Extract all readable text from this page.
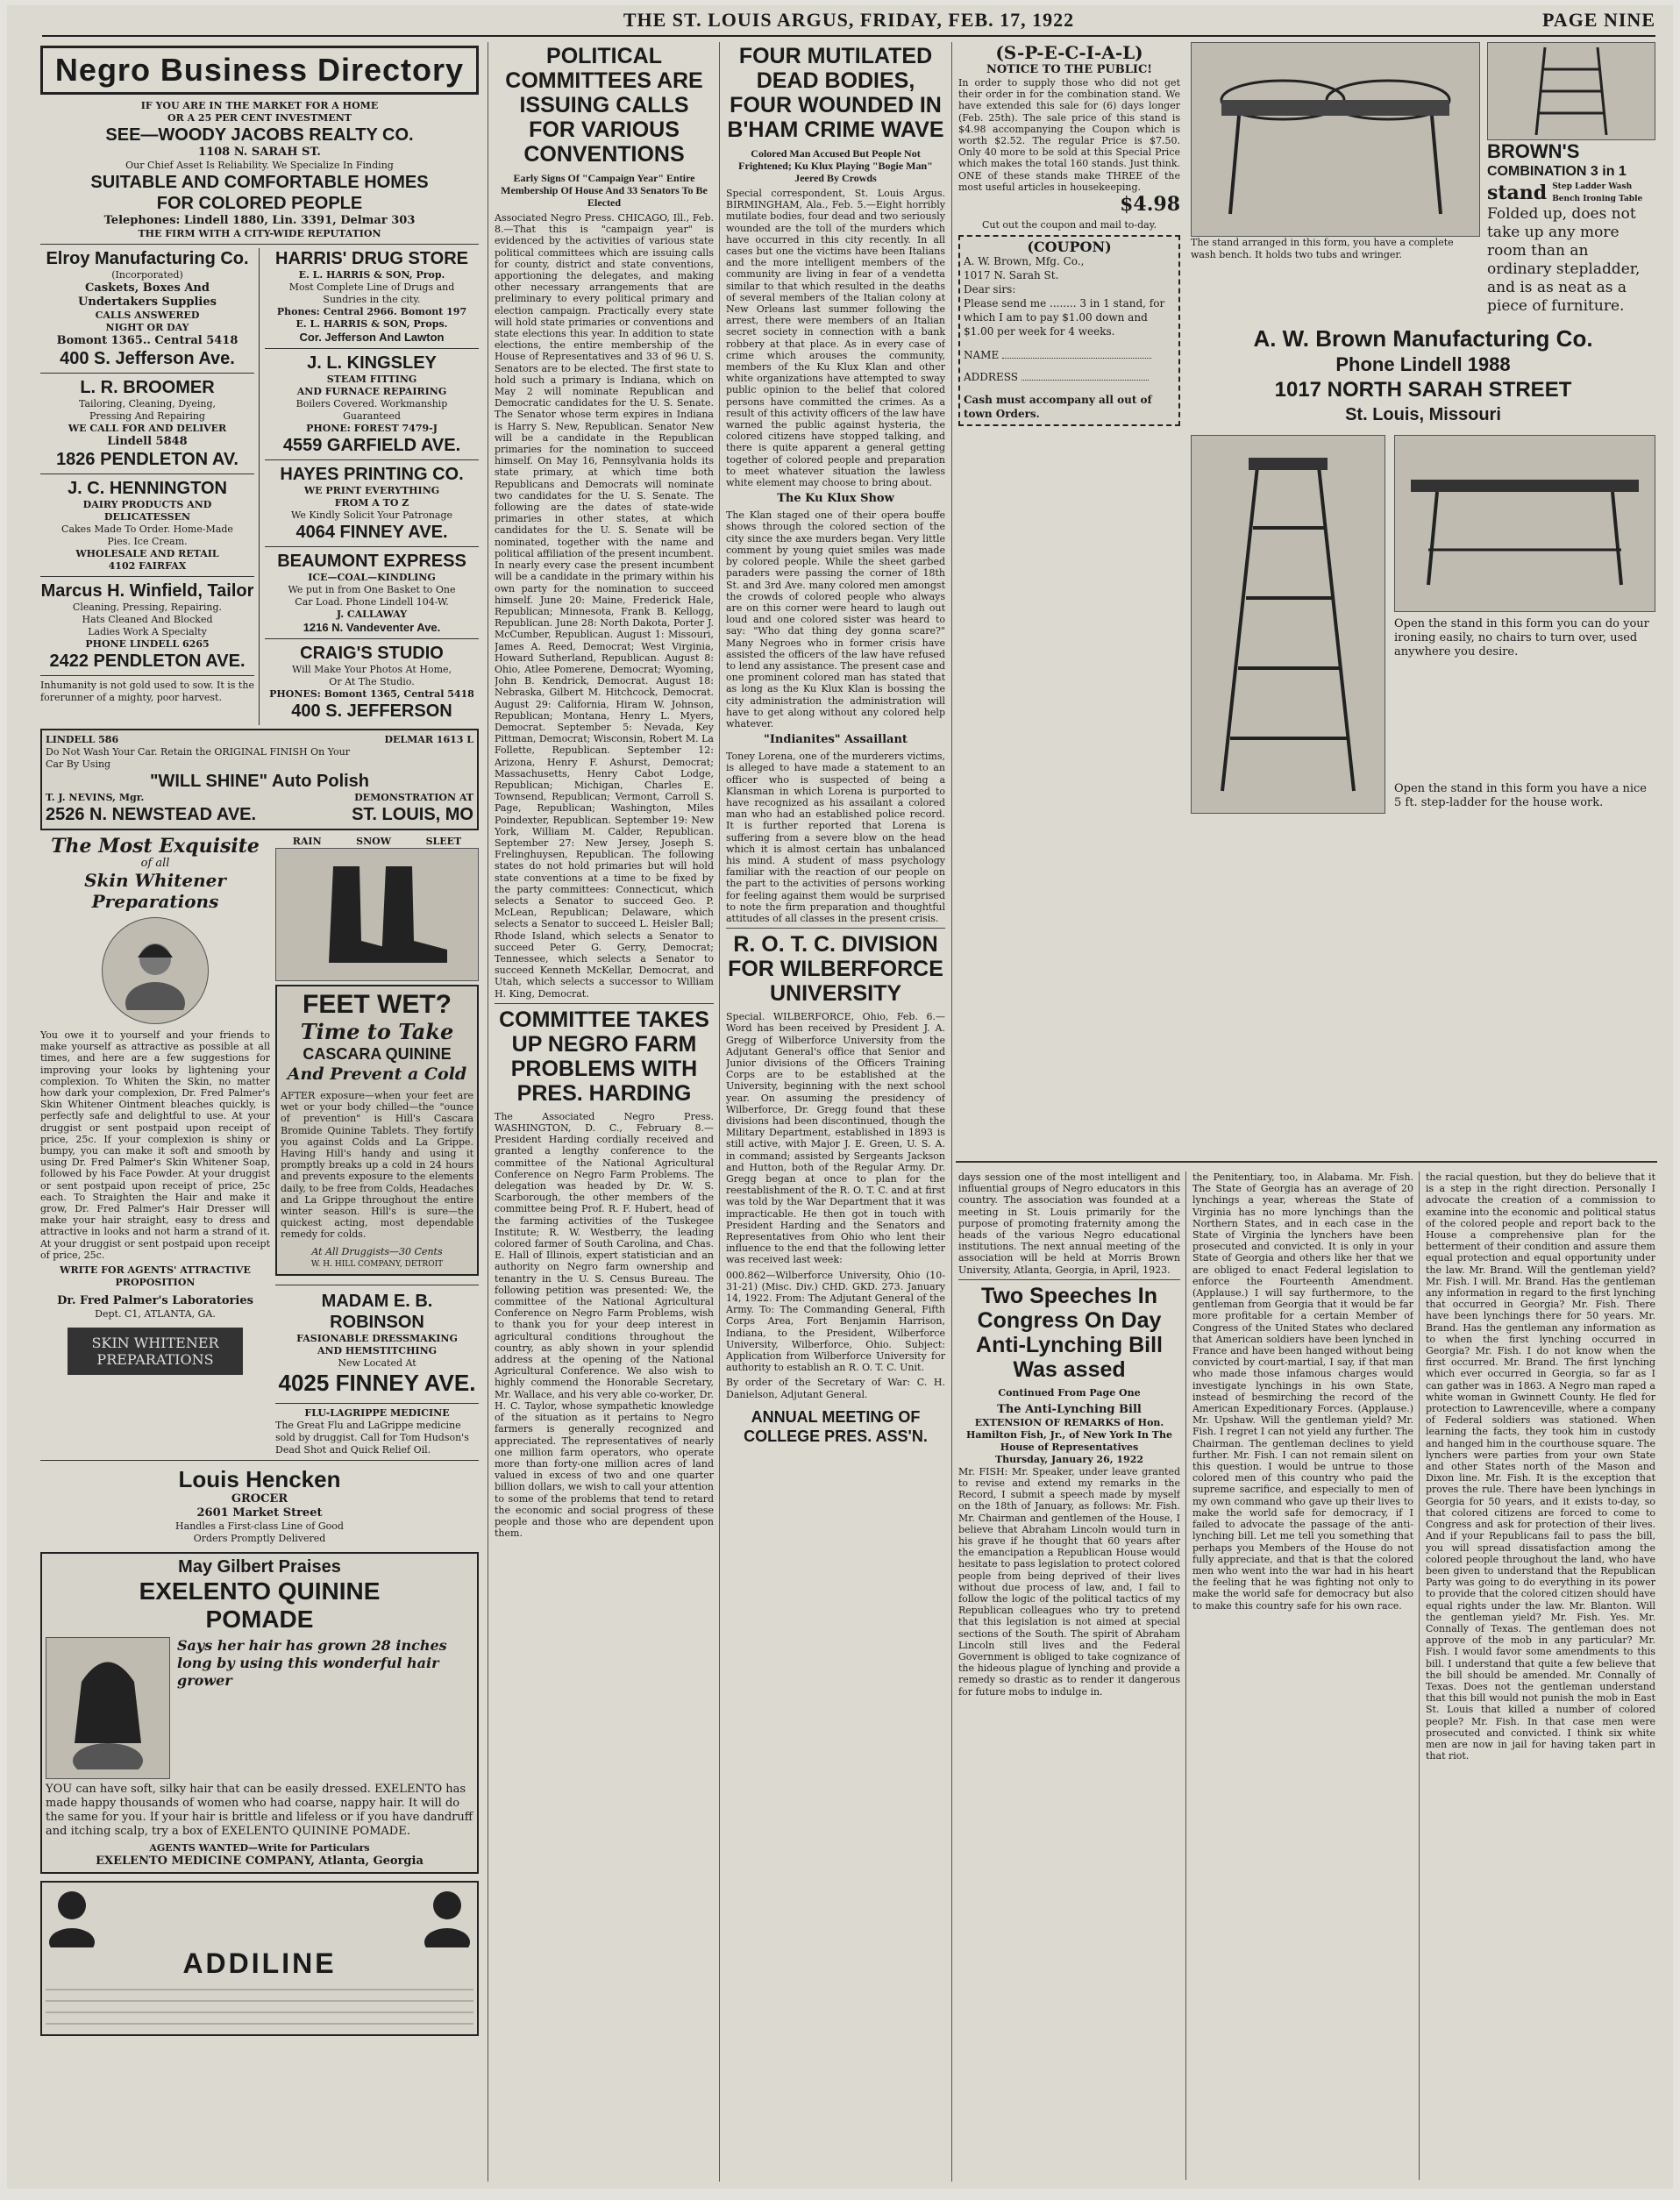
THE ST. LOUIS ARGUS, FRIDAY, FEB. 17, 1922	PAGE NINE
Negro Business Directory
IF YOU ARE IN THE MARKET FOR A HOME
OR A 25 PER CENT INVESTMENT
SEE—WOODY JACOBS REALTY CO.
1108 N. SARAH ST.
Our Chief Asset Is Reliability. We Specialize In Finding
SUITABLE AND COMFORTABLE HOMES
FOR COLORED PEOPLE
Telephones: Lindell 1880, Lin. 3391, Delmar 303
THE FIRM WITH A CITY-WIDE REPUTATION
Elroy Manufacturing Co.
(Incorporated)
Caskets, Boxes And
Undertakers Supplies
CALLS ANSWERED
NIGHT OR DAY
Bomont 1365.. Central 5418
400 S. Jefferson Ave.
L. R. BROOMER
Tailoring, Cleaning, Dyeing,
Pressing And Repairing
WE CALL FOR AND DELIVER
Lindell 5848
1826 PENDLETON AV.
J. C. HENNINGTON
DAIRY PRODUCTS AND
DELICATESSEN
Cakes Made To Order. Home-Made
Pies. Ice Cream.
WHOLESALE AND RETAIL
4102 FAIRFAX
Marcus H. Winfield, Tailor
Cleaning, Pressing, Repairing.
Hats Cleaned And Blocked
Ladies Work A Specialty
PHONE LINDELL 6265
2422 PENDLETON AVE.
Inhumanity is not gold used to sow. It is the forerunner of a mighty, poor harvest.
HARRIS' DRUG STORE
E. L. HARRIS & SON, Prop.
Most Complete Line of Drugs and
Sundries in the city.
Phones: Central 2966. Bomont 197
E. L. HARRIS & SON, Props.
Cor. Jefferson And Lawton
J. L. KINGSLEY
STEAM FITTING
AND FURNACE REPAIRING
Boilers Covered. Workmanship
Guaranteed
PHONE: FOREST 7479-J
4559 GARFIELD AVE.
HAYES PRINTING CO.
WE PRINT EVERYTHING
FROM A TO Z
We Kindly Solicit Your Patronage
4064 FINNEY AVE.
BEAUMONT EXPRESS
ICE—COAL—KINDLING
We put in from One Basket to One
Car Load. Phone Lindell 104-W.
J. CALLAWAY
1216 N. Vandeventer Ave.
CRAIG'S STUDIO
Will Make Your Photos At Home,
Or At The Studio.
PHONES: Bomont 1365, Central 5418
400 S. JEFFERSON
LINDELL 586	DELMAR 1613 L
Do Not Wash Your Car. Retain the ORIGINAL FINISH On Your
Car By Using
"WILL SHINE" Auto Polish
T. J. NEVINS, Mgr.	DEMONSTRATION AT
2526 N. NEWSTEAD AVE.	ST. LOUIS, MO
The Most Exquisite
of all
Skin Whitener Preparations
You owe it to yourself and your friends to make yourself as attractive as possible at all times, and here are a few suggestions for improving your looks by lightening your complexion. To Whiten the Skin, no matter how dark your complexion, Dr. Fred Palmer's Skin Whitener Ointment bleaches quickly, is perfectly safe and delightful to use. At your druggist or sent postpaid upon receipt of price, 25c. If your complexion is shiny or bumpy, you can make it soft and smooth by using Dr. Fred Palmer's Skin Whitener Soap, followed by his Face Powder. At your druggist or sent postpaid upon receipt of price, 25c each. To Straighten the Hair and make it grow, Dr. Fred Palmer's Hair Dresser will make your hair straight, easy to dress and attractive in looks and not harm a strand of it. At your druggist or sent postpaid upon receipt of price, 25c.
WRITE FOR AGENTS' ATTRACTIVE PROPOSITION
Dr. Fred Palmer's Laboratories
Dept. C1, ATLANTA, GA.
SKIN WHITENER PREPARATIONS
RAIN	SNOW	SLEET
FEET WET?
Time to Take
CASCARA QUININE
And Prevent a Cold
AFTER exposure—when your feet are wet or your body chilled—the "ounce of prevention" is Hill's Cascara Bromide Quinine Tablets. They fortify you against Colds and La Grippe. Having Hill's handy and using it promptly breaks up a cold in 24 hours and prevents exposure to the elements daily, to be free from Colds, Headaches and La Grippe throughout the entire winter season. Hill's is sure—the quickest acting, most dependable remedy for colds.
At All Druggists—30 Cents
W. H. HILL COMPANY, DETROIT
MADAM E. B. ROBINSON
FASIONABLE DRESSMAKING
AND HEMSTITCHING
New Located At
4025 FINNEY AVE.
FLU-LAGRIPPE MEDICINE
The Great Flu and LaGrippe medicine sold by druggist. Call for Tom Hudson's Dead Shot and Quick Relief Oil.
Louis Hencken
GROCER
2601 Market Street
Handles a First-class Line of Good
Orders Promptly Delivered
May Gilbert Praises
EXELENTO QUININE
POMADE
Says her hair has grown 28 inches long by using this wonderful hair grower
YOU can have soft, silky hair that can be easily dressed. EXELENTO has made happy thousands of women who had coarse, nappy hair. It will do the same for you. If your hair is brittle and lifeless or if you have dandruff and itching scalp, try a box of EXELENTO QUININE POMADE.
AGENTS WANTED—Write for Particulars
EXELENTO MEDICINE COMPANY, Atlanta, Georgia
ADDILINE
POLITICAL COMMITTEES ARE ISSUING CALLS FOR VARIOUS CONVENTIONS
Early Signs Of "Campaign Year" Entire Membership Of House And 33 Senators To Be Elected
Associated Negro Press. CHICAGO, Ill., Feb. 8.—That this is "campaign year" is evidenced by the activities of various state political committees which are issuing calls for county, district and state conventions, apportioning the delegates, and making other necessary arrangements that are preliminary to every political primary and election campaign. Practically every state will hold state primaries or conventions and state elections this year. In addition to state elections, the entire membership of the House of Representatives and 33 of 96 U. S. Senators are to be elected. The first state to hold such a primary is Indiana, which on May 2 will nominate Republican and Democratic candidates for the U. S. Senate. The Senator whose term expires in Indiana is Harry S. New, Republican. Senator New will be a candidate in the Republican primaries for the nomination to succeed himself. On May 16, Pennsylvania holds its state primary, at which time both Republicans and Democrats will nominate two candidates for the U. S. Senate. The following are the dates of state-wide primaries in other states, at which candidates for the U. S. Senate will be nominated, together with the name and political affiliation of the present incumbent. In nearly every case the present incumbent will be a candidate in the primary within his own party for the nomination to succeed himself. June 20: Maine, Frederick Hale, Republican; Minnesota, Frank B. Kellogg, Republican. June 28: North Dakota, Porter J. McCumber, Republican. August 1: Missouri, James A. Reed, Democrat; West Virginia, Howard Sutherland, Republican. August 8: Ohio, Atlee Pomerene, Democrat; Wyoming, John B. Kendrick, Democrat. August 18: Nebraska, Gilbert M. Hitchcock, Democrat. August 29: California, Hiram W. Johnson, Republican; Montana, Henry L. Myers, Democrat. September 5: Nevada, Key Pittman, Democrat; Wisconsin, Robert M. La Follette, Republican. September 12: Arizona, Henry F. Ashurst, Democrat; Massachusetts, Henry Cabot Lodge, Republican; Michigan, Charles E. Townsend, Republican; Vermont, Carroll S. Page, Republican; Washington, Miles Poindexter, Republican. September 19: New York, William M. Calder, Republican. September 27: New Jersey, Joseph S. Frelinghuysen, Republican. The following states do not hold primaries but will hold state conventions at a time to be fixed by the party committees: Connecticut, which selects a Senator to succeed Geo. P. McLean, Republican; Delaware, which selects a Senator to succeed L. Heisler Ball; Rhode Island, which selects a Senator to succeed Peter G. Gerry, Democrat; Tennessee, which selects a Senator to succeed Kenneth McKellar, Democrat, and Utah, which selects a successor to William H. King, Democrat.
COMMITTEE TAKES UP NEGRO FARM PROBLEMS WITH PRES. HARDING
The Associated Negro Press. WASHINGTON, D. C., February 8.—President Harding cordially received and granted a lengthy conference to the committee of the National Agricultural Conference on Negro Farm Problems. The delegation was headed by Dr. W. S. Scarborough, the other members of the committee being Prof. R. F. Hubert, head of the farming activities of the Tuskegee Institute; R. W. Westberry, the leading colored farmer of South Carolina, and Chas. E. Hall of Illinois, expert statistician and an authority on Negro farm ownership and tenantry in the U. S. Census Bureau. The following petition was presented: We, the committee of the National Agricultural Conference on Negro Farm Problems, wish to thank you for your deep interest in agricultural conditions throughout the country, as ably shown in your splendid address at the opening of the National Agricultural Conference. We also wish to highly commend the Honorable Secretary, Mr. Wallace, and his very able co-worker, Dr. H. C. Taylor, whose sympathetic knowledge of the situation as it pertains to Negro farmers is generally recognized and appreciated. The representatives of nearly one million farm operators, who operate more than forty-one million acres of land valued in excess of two and one quarter billion dollars, we wish to call your attention to some of the problems that tend to retard the economic and social progress of these people and those who are dependent upon them.
FOUR MUTILATED DEAD BODIES, FOUR WOUNDED IN B'HAM CRIME WAVE
Colored Man Accused But People Not Frightened; Ku Klux Playing "Bogie Man" Jeered By Crowds
Special correspondent, St. Louis Argus. BIRMINGHAM, Ala., Feb. 5.—Eight horribly mutilate bodies, four dead and two seriously wounded are the toll of the murders which have occurred in this city recently. In all cases but one the victims have been Italians and the more intelligent members of the community are living in fear of a vendetta similar to that which resulted in the deaths of several members of the Italian colony at New Orleans last summer following the arrest, there were members of an Italian secret society in connection with a bank robbery at that place. As in every case of crime which arouses the community, members of the Ku Klux Klan and other white organizations have attempted to sway public opinion to the belief that colored persons have committed the crimes. As a result of this activity officers of the law have warned the public against hysteria, the colored citizens have stopped talking, and there is quite apparent a general getting together of colored people and preparation to meet whatever situation the lawless white element may choose to bring about.
The Ku Klux Show
The Klan staged one of their opera bouffe shows through the colored section of the city since the axe murders began. Very little comment by young quiet smiles was made by colored people. While the sheet garbed paraders were passing the corner of 18th St. and 3rd Ave. many colored men amongst the crowds of colored people who always are on this corner were heard to laugh out loud and one colored sister was heard to say: "Who dat thing dey gonna scare?" Many Negroes who in former crisis have assisted the officers of the law have refused to lend any assistance. The present case and one prominent colored man has stated that as long as the Ku Klux Klan is bossing the city administration the administration will have to get along without any colored help whatever.
"Indianites" Assaillant
Toney Lorena, one of the murderers victims, is alleged to have made a statement to an officer who is suspected of being a Klansman in which Lorena is purported to have recognized as his assailant a colored man who had an established police record. It is further reported that Lorena is suffering from a severe blow on the head which it is almost certain has unbalanced his mind. A student of mass psychology familiar with the reaction of our people on the part to the activities of persons working for feeling against them would be surprised to note the firm preparation and thoughtful attitudes of all classes in the present crisis.
R. O. T. C. DIVISION FOR WILBERFORCE UNIVERSITY
Special. WILBERFORCE, Ohio, Feb. 6.—Word has been received by President J. A. Gregg of Wilberforce University from the Adjutant General's office that Senior and Junior divisions of the Officers Training Corps are to be established at the University, beginning with the next school year. On assuming the presidency of Wilberforce, Dr. Gregg found that these divisions had been discontinued, though the Military Department, established in 1893 is still active, with Major J. E. Green, U. S. A. in command; assisted by Sergeants Jackson and Hutton, both of the Regular Army. Dr. Gregg began at once to plan for the reestablishment of the R. O. T. C. and at first was told by the War Department that it was impracticable. He then got in touch with President Harding and the Senators and Representatives from Ohio who lent their influence to the end that the following letter was received last week:
000.862—Wilberforce University, Ohio (10-31-21) (Misc. Div.) CHD. GKD. 273. January 14, 1922. From: The Adjutant General of the Army. To: The Commanding General, Fifth Corps Area, Fort Benjamin Harrison, Indiana, to the President, Wilberforce University, Wilberforce, Ohio. Subject: Application from Wilberforce University for authority to establish an R. O. T. C. Unit.
By order of the Secretary of War: C. H. Danielson, Adjutant General.
ANNUAL MEETING OF COLLEGE PRES. ASS'N.
(S-P-E-C-I-A-L)
NOTICE TO THE PUBLIC!
In order to supply those who did not get their order in for the combination stand. We have extended this sale for (6) days longer (Feb. 25th). The sale price of this stand is $4.98 accompanying the Coupon which is worth $2.52. The regular Price is $7.50. Only 40 more to be sold at this Special Price which makes the total 160 stands. Just think. ONE of these stands make THREE of the most useful articles in housekeeping.
$4.98
Cut out the coupon and mail to-day.
(COUPON)
A. W. Brown, Mfg. Co.,
1017 N. Sarah St.
Dear sirs:
Please send me ........ 3 in 1 stand, for which I am to pay $1.00 down and $1.00 per week for 4 weeks.
NAME
ADDRESS
Cash must accompany all out of town Orders.
The stand arranged in this form, you have a complete wash bench. It holds two tubs and wringer.
BROWN'S
COMBINATION 3 in 1
stand Step Ladder Wash Bench Ironing Table
Folded up, does not take up any more room than an ordinary stepladder, and is as neat as a piece of furniture.
A. W. Brown Manufacturing Co.
Phone Lindell 1988
1017 NORTH SARAH STREET
St. Louis, Missouri
Open the stand in this form you can do your ironing easily, no chairs to turn over, used anywhere you desire.
Open the stand in this form you have a nice 5 ft. step-ladder for the house work.
days session one of the most intelligent and influential groups of Negro educators in this country. The association was founded at a meeting in St. Louis primarily for the purpose of promoting fraternity among the heads of the various Negro educational institutions. The next annual meeting of the association will be held at Morris Brown University, Atlanta, Georgia, in April, 1923.
Two Speeches In Congress On Day Anti-Lynching Bill Was assed
Continued From Page One
The Anti-Lynching Bill
EXTENSION OF REMARKS of Hon. Hamilton Fish, Jr., of New York In The House of Representatives
Thursday, January 26, 1922
Mr. FISH: Mr. Speaker, under leave granted to revise and extend my remarks in the Record, I submit a speech made by myself on the 18th of January, as follows: Mr. Fish. Mr. Chairman and gentlemen of the House, I believe that Abraham Lincoln would turn in his grave if he thought that 60 years after the emancipation a Republican House would hesitate to pass legislation to protect colored people from being deprived of their lives without due process of law, and, I fail to follow the logic of the political tactics of my Republican colleagues who try to pretend that this legislation is not aimed at special sections of the South. The spirit of Abraham Lincoln still lives and the Federal Government is obliged to take cognizance of the hideous plague of lynching and provide a remedy so drastic as to render it dangerous for future mobs to indulge in.
the Penitentiary, too, in Alabama. Mr. Fish. The State of Georgia has an average of 20 lynchings a year, whereas the State of Virginia has no more lynchings than the Northern States, and in each case in the State of Virginia the lynchers have been prosecuted and convicted. It is only in your State of Georgia and others like her that we are obliged to enact Federal legislation to enforce the Fourteenth Amendment. (Applause.) I will say furthermore, to the gentleman from Georgia that it would be far more profitable for a certain Member of Congress of the United States who declared that American soldiers have been lynched in France and have been hanged without being convicted by court-martial, I say, if that man who made those infamous charges would investigate lynchings in his own State, instead of besmirching the record of the American Expeditionary Forces. (Applause.) Mr. Upshaw. Will the gentleman yield? Mr. Fish. I regret I can not yield any further. The Chairman. The gentleman declines to yield further. Mr. Fish. I can not remain silent on this question. I would be untrue to those colored men of this country who paid the supreme sacrifice, and especially to men of my own command who gave up their lives to make the world safe for democracy, if I failed to advocate the passage of the anti-lynching bill. Let me tell you something that perhaps you Members of the House do not fully appreciate, and that is that the colored men who went into the war had in his heart the feeling that he was fighting not only to make the world safe for democracy but also to make this country safe for his own race.
the racial question, but they do believe that it is a step in the right direction. Personally I advocate the creation of a commission to examine into the economic and political status of the colored people and report back to the House a comprehensive plan for the betterment of their condition and assure them equal protection and equal opportunity under the law. Mr. Brand. Will the gentleman yield? Mr. Fish. I will. Mr. Brand. Has the gentleman any information in regard to the first lynching that occurred in Georgia? Mr. Fish. There have been lynchings there for 50 years. Mr. Brand. Has the gentleman any information as to when the first lynching occurred in Georgia? Mr. Fish. I do not know when the first occurred. Mr. Brand. The first lynching which ever occurred in Georgia, so far as I can gather was in 1863. A Negro man raped a white woman in Gwinnett County. He fled for protection to Lawrenceville, where a company of Federal soldiers was stationed. When learning the facts, they took him in custody and hanged him in the courthouse square. The lynchers were parties from your own State and other States north of the Mason and Dixon line. Mr. Fish. It is the exception that proves the rule. There have been lynchings in Georgia for 50 years, and it exists to-day, so that colored citizens are forced to come to Congress and ask for protection of their lives. And if your Republicans fail to pass the bill, you will spread dissatisfaction among the colored people throughout the land, who have been given to understand that the Republican Party was going to do everything in its power to provide that the colored citizen should have equal rights under the law. Mr. Blanton. Will the gentleman yield? Mr. Fish. Yes. Mr. Connally of Texas. The gentleman does not approve of the mob in any particular? Mr. Fish. I would favor some amendments to this bill. I understand that quite a few believe that the bill should be amended. Mr. Connally of Texas. Does not the gentleman understand that this bill would not punish the mob in East St. Louis that killed a number of colored people? Mr. Fish. In that case men were prosecuted and convicted. I think six white men are now in jail for having taken part in that riot.
